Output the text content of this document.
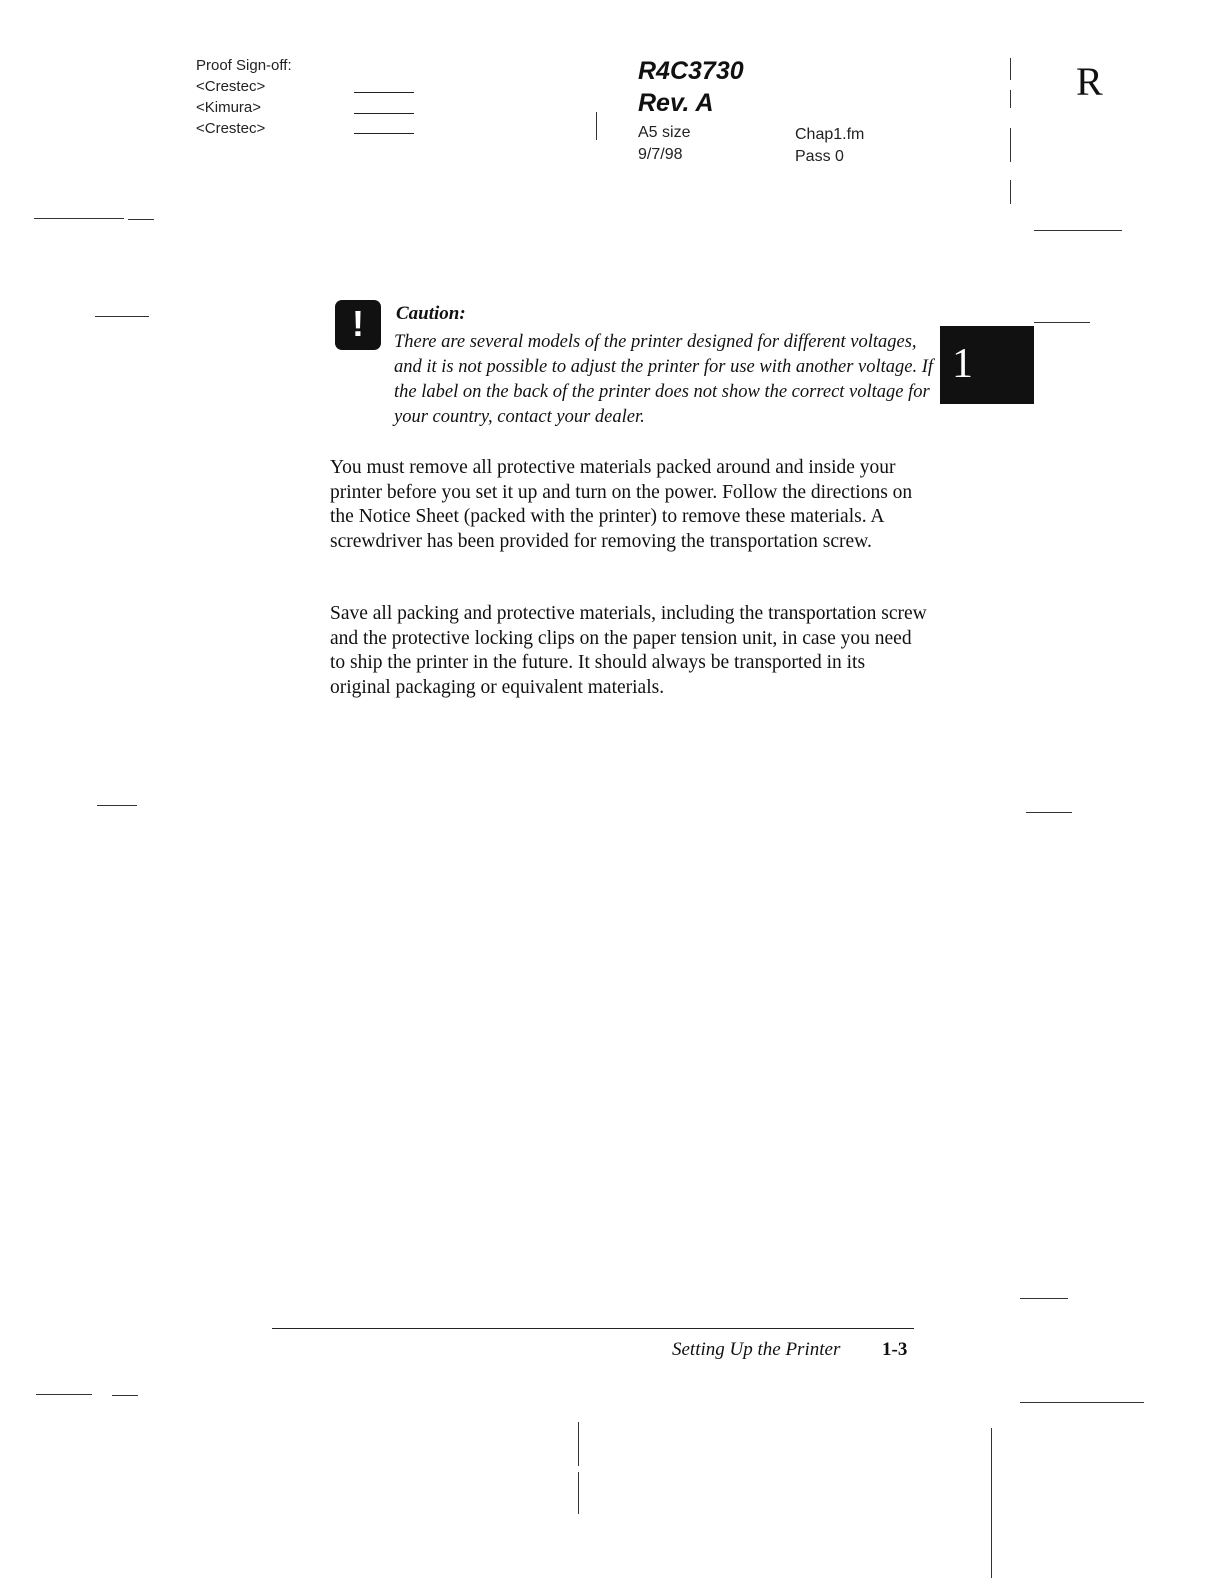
Proof Sign-off:
<Crestec>
<Kimura>
<Crestec>
R4C3730
Rev. A
A5 size
9/7/98
Chap1.fm
Pass 0
R
1
!	Caution:
There are several models of the printer designed for different voltages, and it is not possible to adjust the printer for use with another voltage. If the label on the back of the printer does not show the correct voltage for your country, contact your dealer.
You must remove all protective materials packed around and inside your printer before you set it up and turn on the power. Follow the directions on the Notice Sheet (packed with the printer) to remove these materials. A screwdriver has been provided for removing the transportation screw.
Save all packing and protective materials, including the transportation screw and the protective locking clips on the paper tension unit, in case you need to ship the printer in the future. It should always be transported in its original packaging or equivalent materials.
Setting Up the Printer 1-3
